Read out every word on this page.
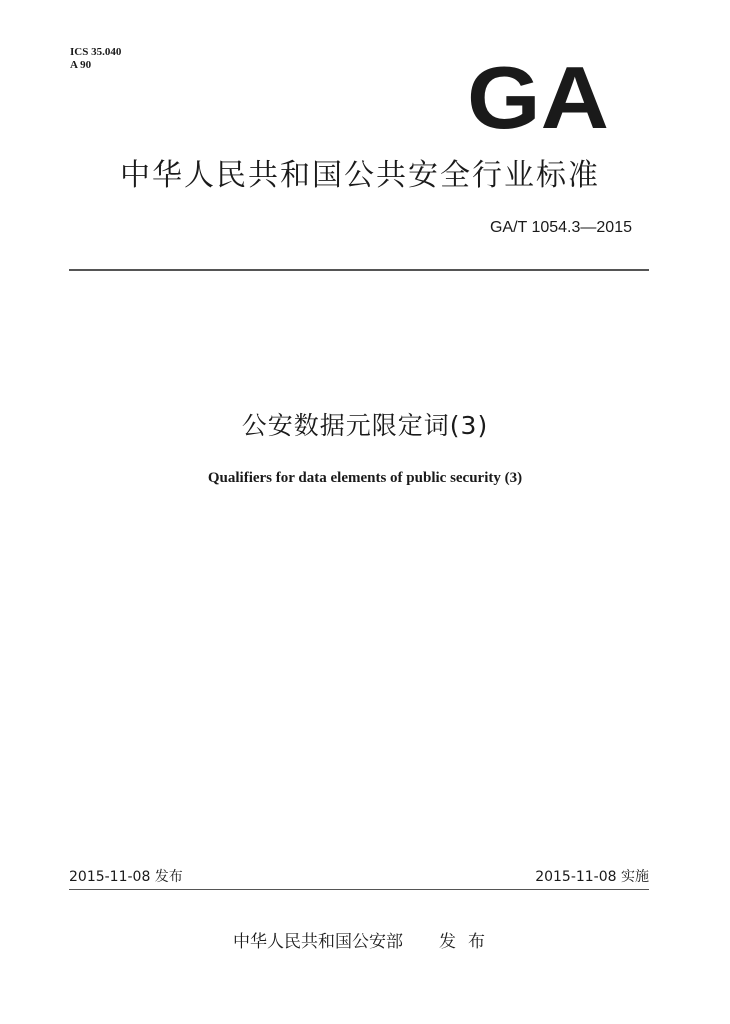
ICS 35.040
A 90	GA
中华人民共和国公共安全行业标准
GA/T 1054.3—2015
公安数据元限定词(3)
Qualifiers for data elements of public security (3)
2015-11-08 发布	2015-11-08 实施
中华人民共和国公安部 发布
